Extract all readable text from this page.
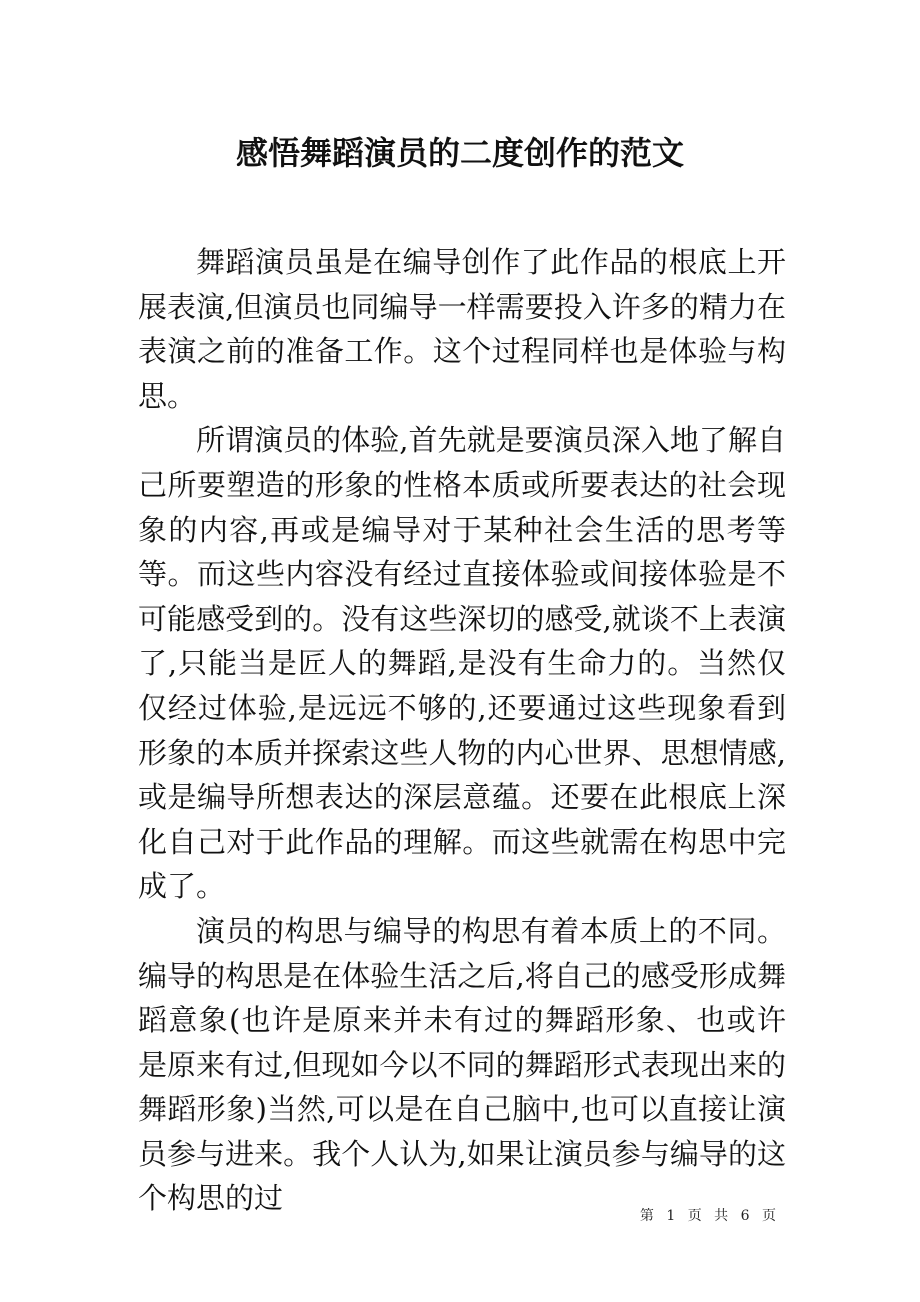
感悟舞蹈演员的二度创作的范文

舞蹈演员虽是在编导创作了此作品的根底上开展表演,但演员也同编导一样需要投入许多的精力在表演之前的准备工作。这个过程同样也是体验与构思。

所谓演员的体验,首先就是要演员深入地了解自己所要塑造的形象的性格本质或所要表达的社会现象的内容,再或是编导对于某种社会生活的思考等等。而这些内容没有经过直接体验或间接体验是不可能感受到的。没有这些深切的感受,就谈不上表演了,只能当是匠人的舞蹈,是没有生命力的。当然仅仅经过体验,是远远不够的,还要通过这些现象看到形象的本质并探索这些人物的内心世界、思想情感,或是编导所想表达的深层意蕴。还要在此根底上深化自己对于此作品的理解。而这些就需在构思中完成了。

演员的构思与编导的构思有着本质上的不同。编导的构思是在体验生活之后,将自己的感受形成舞蹈意象(也许是原来并未有过的舞蹈形象、也或许是原来有过,但现如今以不同的舞蹈形式表现出来的舞蹈形象)当然,可以是在自己脑中,也可以直接让演员参与进来。我个人认为,如果让演员参与编导的这个构思的过

第 1 页 共 6 页
